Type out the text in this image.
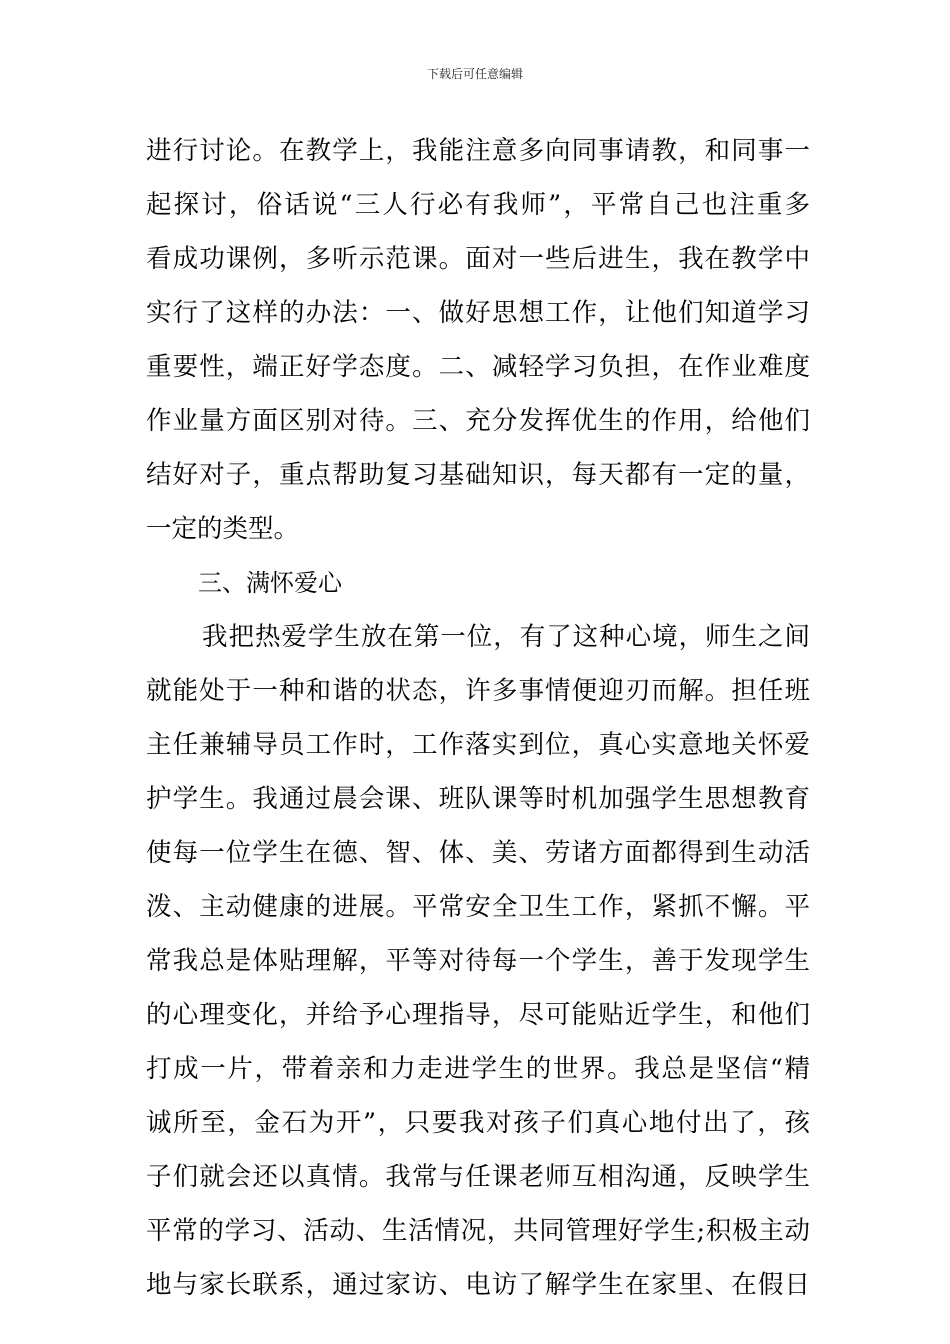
下载后可任意编辑
进行讨论。在教学上，我能注意多向同事请教，和同事一
起探讨，俗话说“三人行必有我师”，平常自己也注重多
看成功课例，多听示范课。面对一些后进生，我在教学中
实行了这样的办法：一、做好思想工作，让他们知道学习
重要性，端正好学态度。二、减轻学习负担，在作业难度
作业量方面区别对待。三、充分发挥优生的作用，给他们
结好对子，重点帮助复习基础知识，每天都有一定的量，
一定的类型。
三、满怀爱心
我把热爱学生放在第一位，有了这种心境，师生之间
就能处于一种和谐的状态，许多事情便迎刃而解。担任班
主任兼辅导员工作时，工作落实到位，真心实意地关怀爱
护学生。我通过晨会课、班队课等时机加强学生思想教育
使每一位学生在德、智、体、美、劳诸方面都得到生动活
泼、主动健康的进展。平常安全卫生工作，紧抓不懈。平
常我总是体贴理解，平等对待每一个学生，善于发现学生
的心理变化，并给予心理指导，尽可能贴近学生，和他们
打成一片，带着亲和力走进学生的世界。我总是坚信“精
诚所至，金石为开”，只要我对孩子们真心地付出了，孩
子们就会还以真情。我常与任课老师互相沟通，反映学生
平常的学习、活动、生活情况，共同管理好学生;积极主动
地与家长联系，通过家访、电访了解学生在家里、在假日
